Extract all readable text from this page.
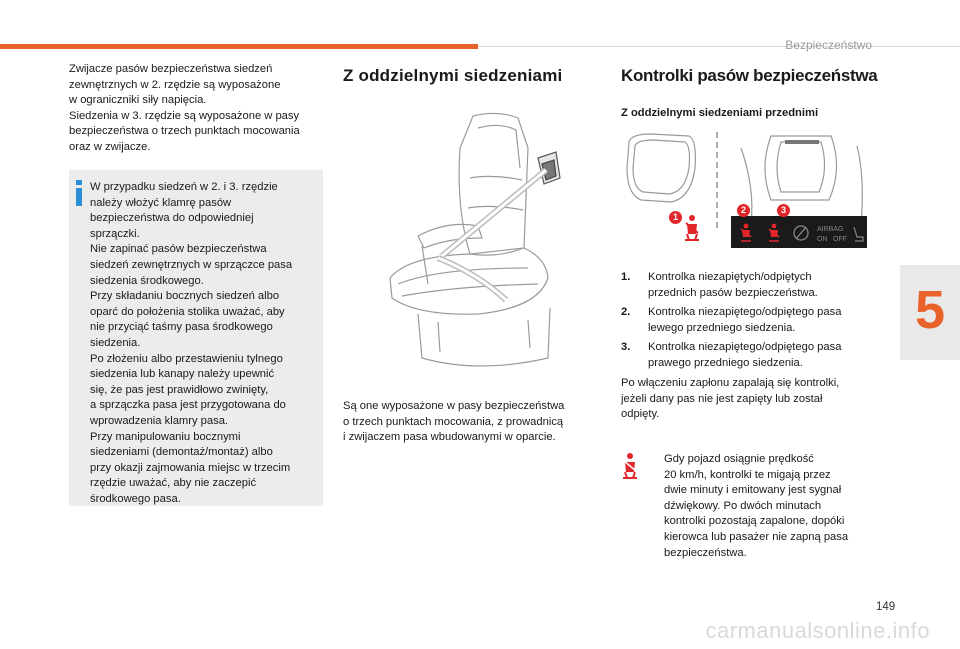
Bezpieczeństwo
5
Zwijacze pasów bezpieczeństwa siedzeń
zewnętrznych w 2. rzędzie są wyposażone
w ograniczniki siły napięcia.
Siedzenia w 3. rzędzie są wyposażone w pasy
bezpieczeństwa o trzech punktach mocowania
oraz w zwijacze.
W przypadku siedzeń w 2. i 3. rzędzie
należy włożyć klamrę pasów
bezpieczeństwa do odpowiedniej
sprzączki.
Nie zapinać pasów bezpieczeństwa
siedzeń zewnętrznych w sprzączce pasa
siedzenia środkowego.
Przy składaniu bocznych siedzeń albo
oparć do położenia stolika uważać, aby
nie przyciąć taśmy pasa środkowego
siedzenia.
Po złożeniu albo przestawieniu tylnego
siedzenia lub kanapy należy upewnić
się, że pas jest prawidłowo zwinięty,
a sprzączka pasa jest przygotowana do
wprowadzenia klamry pasa.
Przy manipulowaniu bocznymi
siedzeniami (demontaż/montaż) albo
przy okazji zajmowania miejsc w trzecim
rzędzie uważać, aby nie zaczepić
środkowego pasa.
Z oddzielnymi siedzeniami
Są one wyposażone w pasy bezpieczeństwa
o trzech punktach mocowania, z prowadnicą
i zwijaczem pasa wbudowanymi w oparcie.
Kontrolki pasów bezpieczeństwa
Z oddzielnymi siedzeniami przednimi
AIRBAG
ON OFF
1
2	3
1.	Kontrolka niezapiętych/odpiętych
przednich pasów bezpieczeństwa.
2.	Kontrolka niezapiętego/odpiętego pasa
lewego przedniego siedzenia.
3.	Kontrolka niezapiętego/odpiętego pasa
prawego przedniego siedzenia.
Po włączeniu zapłonu zapalają się kontrolki,
jeżeli dany pas nie jest zapięty lub został
odpięty.
Gdy pojazd osiągnie prędkość
20 km/h, kontrolki te migają przez
dwie minuty i emitowany jest sygnał
dźwiękowy. Po dwóch minutach
kontrolki pozostają zapalone, dopóki
kierowca lub pasażer nie zapną pasa
bezpieczeństwa.
149
carmanualsonline.info
